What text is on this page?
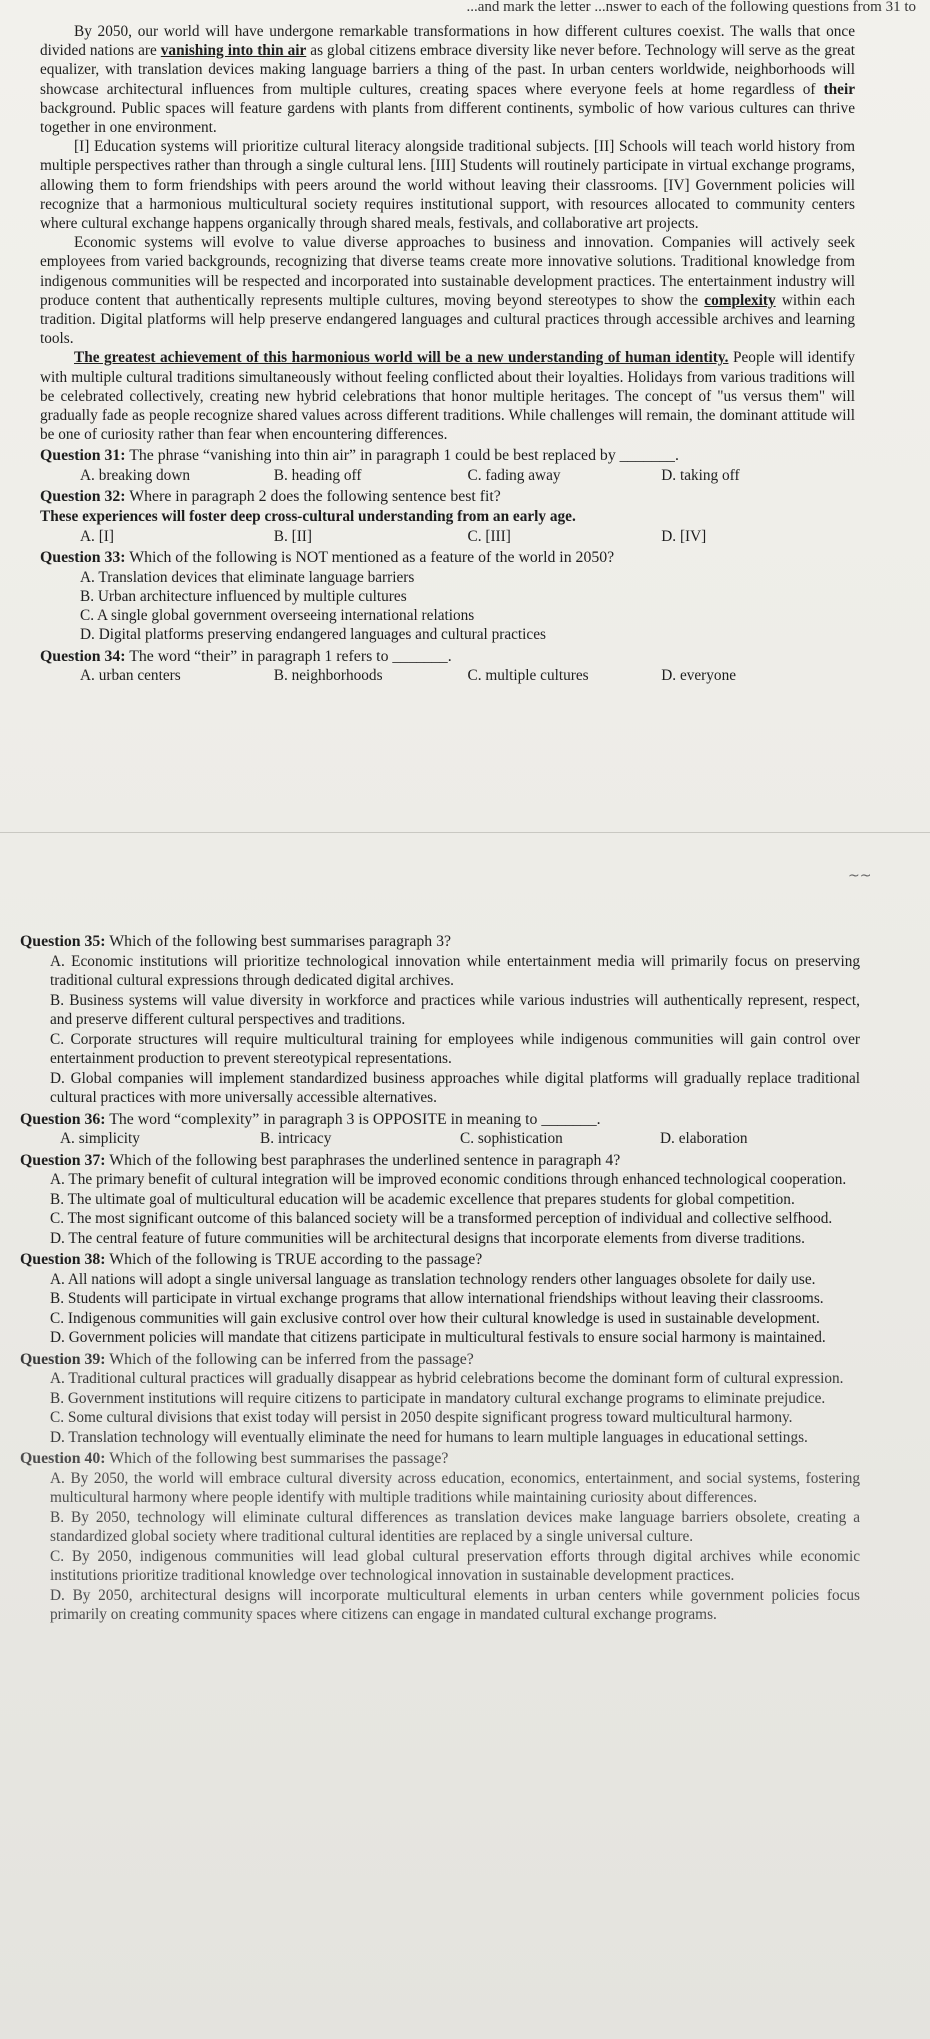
...and mark the letter ...nswer to each of the following questions from 31 to

By 2050, our world will have undergone remarkable transformations in how different cultures coexist. The walls that once divided nations are vanishing into thin air as global citizens embrace diversity like never before. Technology will serve as the great equalizer, with translation devices making language barriers a thing of the past. In urban centers worldwide, neighborhoods will showcase architectural influences from multiple cultures, creating spaces where everyone feels at home regardless of their background. Public spaces will feature gardens with plants from different continents, symbolic of how various cultures can thrive together in one environment.

[I] Education systems will prioritize cultural literacy alongside traditional subjects. [II] Schools will teach world history from multiple perspectives rather than through a single cultural lens. [III] Students will routinely participate in virtual exchange programs, allowing them to form friendships with peers around the world without leaving their classrooms. [IV] Government policies will recognize that a harmonious multicultural society requires institutional support, with resources allocated to community centers where cultural exchange happens organically through shared meals, festivals, and collaborative art projects.

Economic systems will evolve to value diverse approaches to business and innovation. Companies will actively seek employees from varied backgrounds, recognizing that diverse teams create more innovative solutions. Traditional knowledge from indigenous communities will be respected and incorporated into sustainable development practices. The entertainment industry will produce content that authentically represents multiple cultures, moving beyond stereotypes to show the complexity within each tradition. Digital platforms will help preserve endangered languages and cultural practices through accessible archives and learning tools.

The greatest achievement of this harmonious world will be a new understanding of human identity. People will identify with multiple cultural traditions simultaneously without feeling conflicted about their loyalties. Holidays from various traditions will be celebrated collectively, creating new hybrid celebrations that honor multiple heritages. The concept of "us versus them" will gradually fade as people recognize shared values across different traditions. While challenges will remain, the dominant attitude will be one of curiosity rather than fear when encountering differences.

Question 31: The phrase “vanishing into thin air” in paragraph 1 could be best replaced by _______.
A. breaking down	B. heading off	C. fading away	D. taking off
Question 32: Where in paragraph 2 does the following sentence best fit?
These experiences will foster deep cross-cultural understanding from an early age.
A. [I]	B. [II]	C. [III]	D. [IV]
Question 33: Which of the following is NOT mentioned as a feature of the world in 2050?
A. Translation devices that eliminate language barriers
B. Urban architecture influenced by multiple cultures
C. A single global government overseeing international relations
D. Digital platforms preserving endangered languages and cultural practices
Question 34: The word “their” in paragraph 1 refers to _______.
A. urban centers	B. neighborhoods	C. multiple cultures	D. everyone
~~
Question 35: Which of the following best summarises paragraph 3?

A. Economic institutions will prioritize technological innovation while entertainment media will primarily focus on preserving traditional cultural expressions through dedicated digital archives.

B. Business systems will value diversity in workforce and practices while various industries will authentically represent, respect, and preserve different cultural perspectives and traditions.

C. Corporate structures will require multicultural training for employees while indigenous communities will gain control over entertainment production to prevent stereotypical representations.

D. Global companies will implement standardized business approaches while digital platforms will gradually replace traditional cultural practices with more universally accessible alternatives.

Question 36: The word “complexity” in paragraph 3 is OPPOSITE in meaning to _______.
A. simplicity	B. intricacy	C. sophistication	D. elaboration
Question 37: Which of the following best paraphrases the underlined sentence in paragraph 4?

A. The primary benefit of cultural integration will be improved economic conditions through enhanced technological cooperation.

B. The ultimate goal of multicultural education will be academic excellence that prepares students for global competition.

C. The most significant outcome of this balanced society will be a transformed perception of individual and collective selfhood.

D. The central feature of future communities will be architectural designs that incorporate elements from diverse traditions.

Question 38: Which of the following is TRUE according to the passage?

A. All nations will adopt a single universal language as translation technology renders other languages obsolete for daily use.

B. Students will participate in virtual exchange programs that allow international friendships without leaving their classrooms.

C. Indigenous communities will gain exclusive control over how their cultural knowledge is used in sustainable development.

D. Government policies will mandate that citizens participate in multicultural festivals to ensure social harmony is maintained.

Question 39: Which of the following can be inferred from the passage?

A. Traditional cultural practices will gradually disappear as hybrid celebrations become the dominant form of cultural expression.

B. Government institutions will require citizens to participate in mandatory cultural exchange programs to eliminate prejudice.

C. Some cultural divisions that exist today will persist in 2050 despite significant progress toward multicultural harmony.

D. Translation technology will eventually eliminate the need for humans to learn multiple languages in educational settings.

Question 40: Which of the following best summarises the passage?

A. By 2050, the world will embrace cultural diversity across education, economics, entertainment, and social systems, fostering multicultural harmony where people identify with multiple traditions while maintaining curiosity about differences.

B. By 2050, technology will eliminate cultural differences as translation devices make language barriers obsolete, creating a standardized global society where traditional cultural identities are replaced by a single universal culture.

C. By 2050, indigenous communities will lead global cultural preservation efforts through digital archives while economic institutions prioritize traditional knowledge over technological innovation in sustainable development practices.

D. By 2050, architectural designs will incorporate multicultural elements in urban centers while government policies focus primarily on creating community spaces where citizens can engage in mandated cultural exchange programs.
